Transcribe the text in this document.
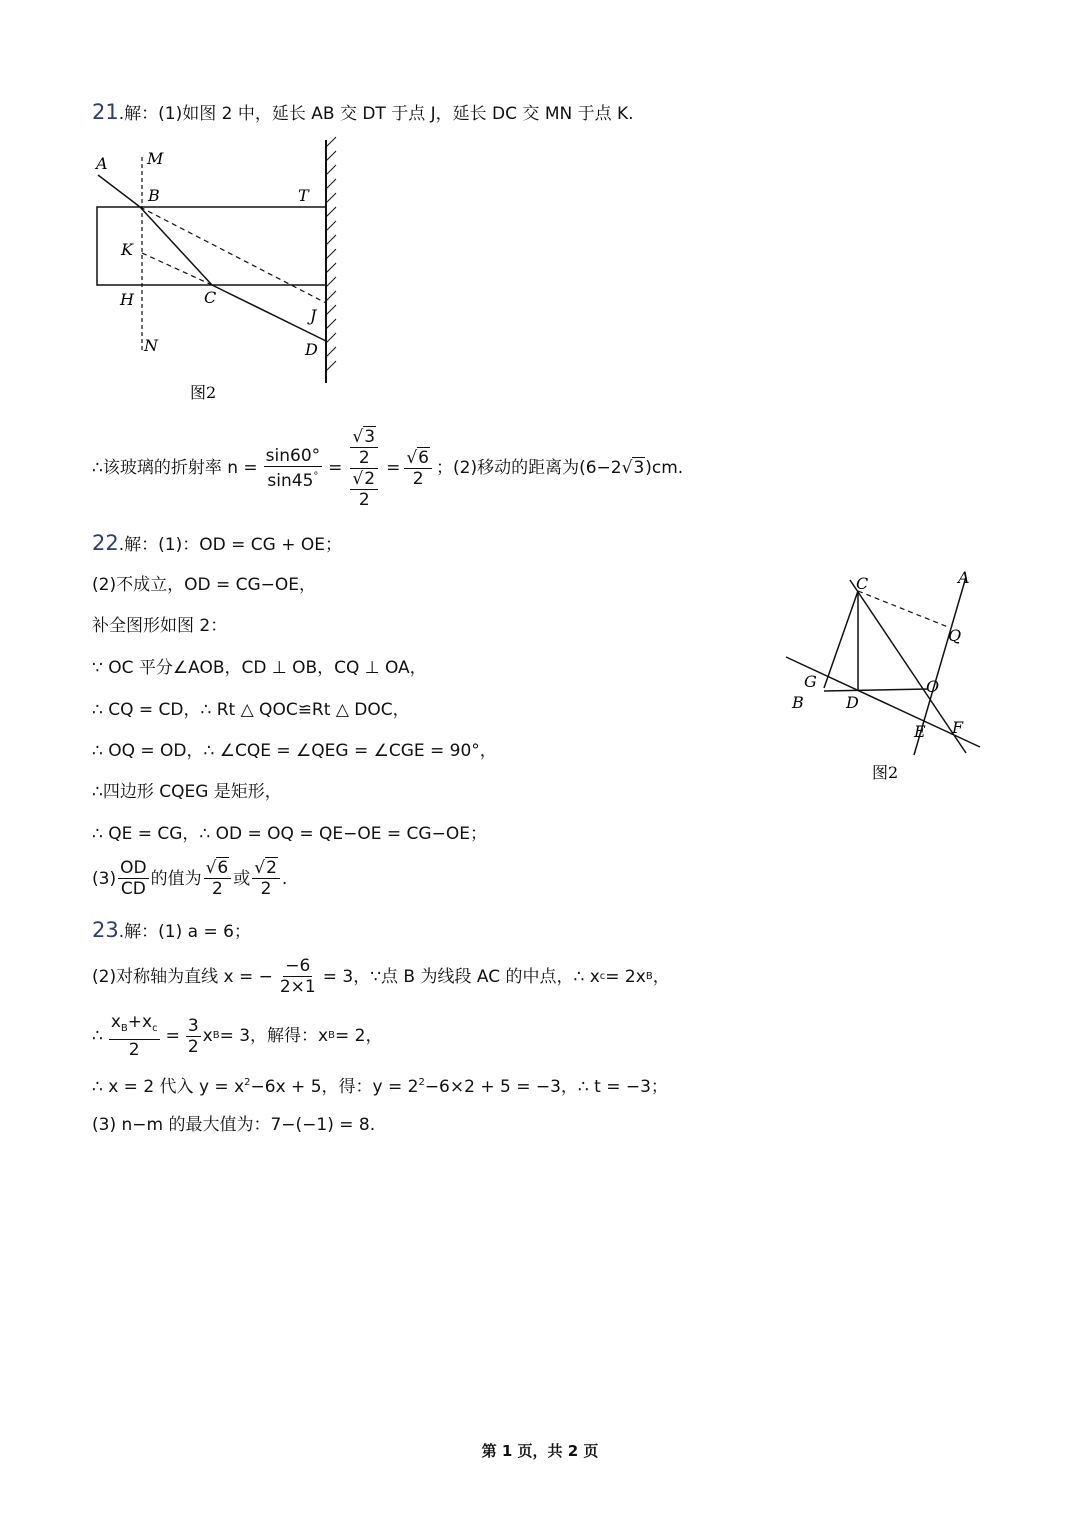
21.解：(1)如图 2 中，延长 AB 交 DT 于点 J，延长 DC 交 MN 于点 K.
A M
B	T
K
H	C
J
N	D
图2
∴该玻璃的折射率 $n = \frac{\sin 60^\circ}{\sin 45^\circ} = \frac{\frac{√3}{2}}{\frac{√2}{2}} = \frac{√6}{2}$ ；(2)移动的距离为(6−2 √3 )cm.
22.解：(1)：OD = CG + OE；
(2)不成立，OD = CG−OE，
补全图形如图 2：
∵ OC 平分∠AOB，CD ⊥ OB，CQ ⊥ OA，
∴ CQ = CD，∴ Rt △ QOC≌Rt △ DOC，
∴ OQ = OD，∴ ∠CQE = ∠QEG = ∠CGE = 90°，
∴四边形 CQEG 是矩形，
∴ QE = CG，∴ OD = OQ = QE−OE = CG−OE；
$(3) \frac{OD}{CD}$ 的值为 $\frac{√6}{2}$ 或 $\frac{√2}{2}$ .
C	A
Q
G	O
B	D
E F
图2
23.解：(1) a = 6；
(2)对称轴为直线 x = − $\frac{-6}{2\times 1} = 3$，∵点 B 为线段 AC 的中点，∴ x c = 2x B ，
∴ $\frac{x_B+x_c}{2} = \frac{3}{2}$ x B = 3，解得：x B = 2，
∴ x = 2 代入 $y = x^2-6x + 5$，得：$y = 2^2-6\times 2 + 5 = -3$，∴ t = −3；
(3) n−m 的最大值为：7−(−1) = 8.
第 1 页，共 2 页
